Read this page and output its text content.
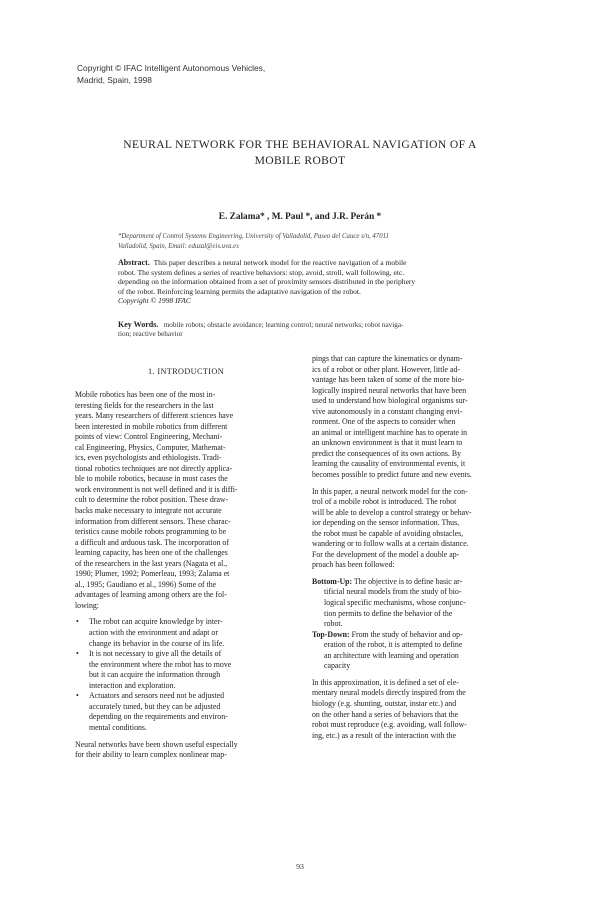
Copyright © IFAC Intelligent Autonomous Vehicles,
Madrid, Spain, 1998
NEURAL NETWORK FOR THE BEHAVIORAL NAVIGATION OF A
MOBILE ROBOT
E. Zalama* , M. Paul *, and J.R. Perán *
*Department of Control Systems Engineering, University of Valladolid, Paseo del Cauce s/n, 47011
Valladolid, Spain, Email: eduzal@eis.uva.es
Abstract. This paper describes a neural network model for the reactive navigation of a mobile
robot. The system defines a series of reactive behaviors: stop, avoid, stroll, wall following, etc.
depending on the information obtained from a set of proximity sensors distributed in the periphery
of the robot. Reinforcing learning permits the adaptative navigation of the robot.
Copyright © 1998 IFAC
Key Words. mobile robots; obstacle avoidance; learning control; neural networks; robot naviga-
tion; reactive behavior
1. INTRODUCTION
Mobile robotics has been one of the most in-
teresting fields for the researchers in the last
years. Many researchers of different sciences have
been interested in mobile robotics from different
points of view: Control Engineering, Mechani-
cal Engineering, Physics, Computer, Mathemat-
ics, even psychologists and ethiologists. Tradi-
tional robotics techniques are not directly applica-
ble to mobile robotics, because in most cases the
work environment is not well defined and it is diffi-
cult to determine the robot position. These draw-
backs make necessary to integrate not accurate
information from different sensors. These charac-
teristics cause mobile robots programming to be
a difficult and arduous task. The incorporation of
learning capacity, has been one of the challenges
of the researchers in the last years (Nagata et al.,
1990; Plumer, 1992; Pomerleau, 1993; Zalama et
al., 1995; Gaudiano et al., 1996) Some of the
advantages of learning among others are the fol-
lowing:
•	The robot can acquire knowledge by inter-
action with the environment and adapt or
change its behavior in the course of its life.
•	It is not necessary to give all the details of
the environment where the robot has to move
but it can acquire the information through
interaction and exploration.
•	Actuators and sensors need not be adjusted
accurately tuned, but they can be adjusted
depending on the requirements and environ-
mental conditions.
Neural networks have been shown useful especially
for their ability to learn complex nonlinear map-
pings that can capture the kinematics or dynam-
ics of a robot or other plant. However, little ad-
vantage has been taken of some of the more bio-
logically inspired neural networks that have been
used to understand how biological organisms sur-
vive autonomously in a constant changing envi-
ronment. One of the aspects to consider when
an animal or intelligent machine has to operate in
an unknown environment is that it must learn to
predict the consequences of its own actions. By
learning the causality of environmental events, it
becomes possible to predict future and new events.
In this paper, a neural network model for the con-
trol of a mobile robot is introduced. The robot
will be able to develop a control strategy or behav-
ior depending on the sensor information. Thus,
the robot must be capable of avoiding obstacles,
wandering or to follow walls at a certain distance.
For the development of the model a double ap-
proach has been followed:
Bottom-Up: The objective is to define basic ar-
tificial neural models from the study of bio-
logical specific mechanisms, whose conjunc-
tion permits to define the behavior of the
robot.
Top-Down: From the study of behavior and op-
eration of the robot, it is attempted to define
an architecture with learning and operation
capacity
In this approximation, it is defined a set of ele-
mentary neural models directly inspired from the
biology (e.g. shunting, outstar, instar etc.) and
on the other hand a series of behaviors that the
robot must reproduce (e.g. avoiding, wall follow-
ing, etc.) as a result of the interaction with the
93
